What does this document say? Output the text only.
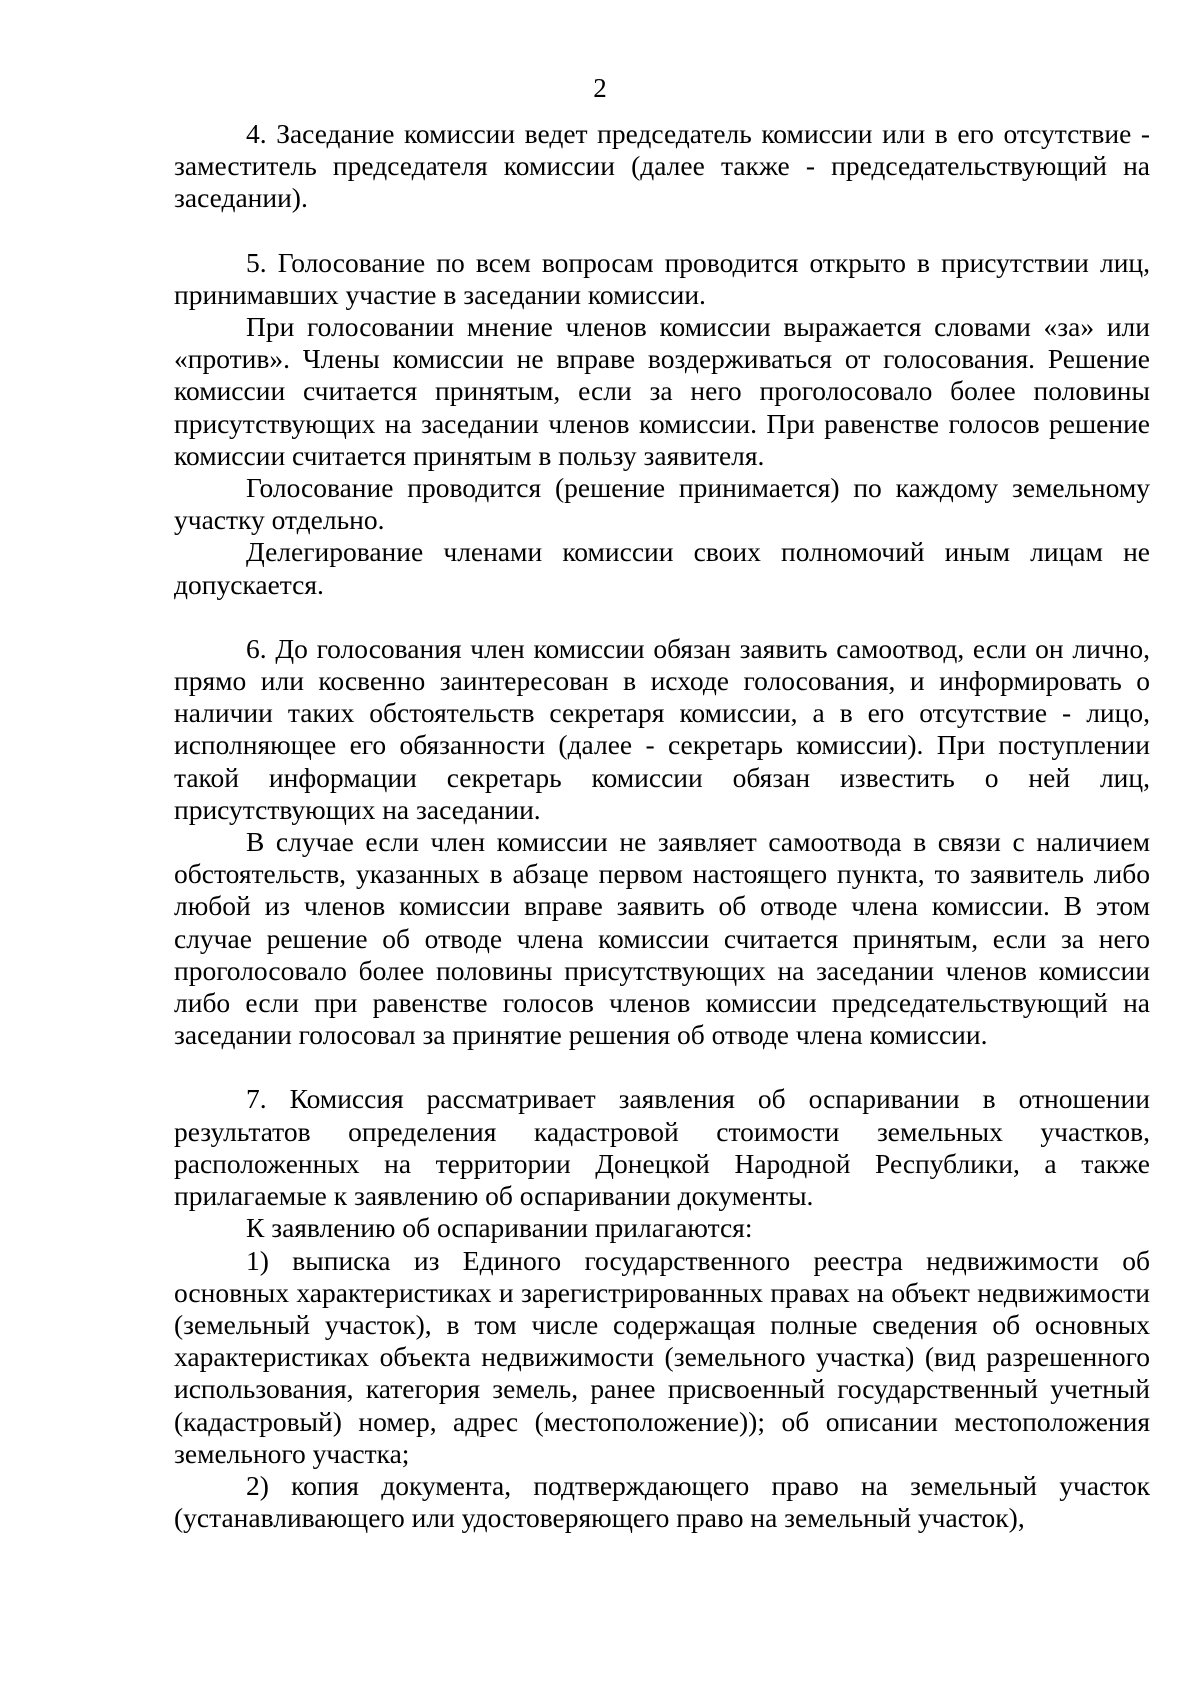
2

4. Заседание комиссии ведет председатель комиссии или в его отсутствие - заместитель председателя комиссии (далее также - председательствующий на заседании).

5. Голосование по всем вопросам проводится открыто в присутствии лиц, принимавших участие в заседании комиссии.

При голосовании мнение членов комиссии выражается словами «за» или «против». Члены комиссии не вправе воздерживаться от голосования. Решение комиссии считается принятым, если за него проголосовало более половины присутствующих на заседании членов комиссии. При равенстве голосов решение комиссии считается принятым в пользу заявителя.

Голосование проводится (решение принимается) по каждому земельному участку отдельно.

Делегирование членами комиссии своих полномочий иным лицам не допускается.

6. До голосования член комиссии обязан заявить самоотвод, если он лично, прямо или косвенно заинтересован в исходе голосования, и информировать о наличии таких обстоятельств секретаря комиссии, а в его отсутствие - лицо, исполняющее его обязанности (далее - секретарь комиссии). При поступлении такой информации секретарь комиссии обязан известить о ней лиц, присутствующих на заседании.

В случае если член комиссии не заявляет самоотвода в связи с наличием обстоятельств, указанных в абзаце первом настоящего пункта, то заявитель либо любой из членов комиссии вправе заявить об отводе члена комиссии. В этом случае решение об отводе члена комиссии считается принятым, если за него проголосовало более половины присутствующих на заседании членов комиссии либо если при равенстве голосов членов комиссии председательствующий на заседании голосовал за принятие решения об отводе члена комиссии.

7. Комиссия рассматривает заявления об оспаривании в отношении результатов определения кадастровой стоимости земельных участков, расположенных на территории Донецкой Народной Республики, а также прилагаемые к заявлению об оспаривании документы.

К заявлению об оспаривании прилагаются:

1) выписка из Единого государственного реестра недвижимости об основных характеристиках и зарегистрированных правах на объект недвижимости (земельный участок), в том числе содержащая полные сведения об основных характеристиках объекта недвижимости (земельного участка) (вид разрешенного использования, категория земель, ранее присвоенный государственный учетный (кадастровый) номер, адрес (местоположение)); об описании местоположения земельного участка;

2) копия документа, подтверждающего право на земельный участок (устанавливающего или удостоверяющего право на земельный участок),
